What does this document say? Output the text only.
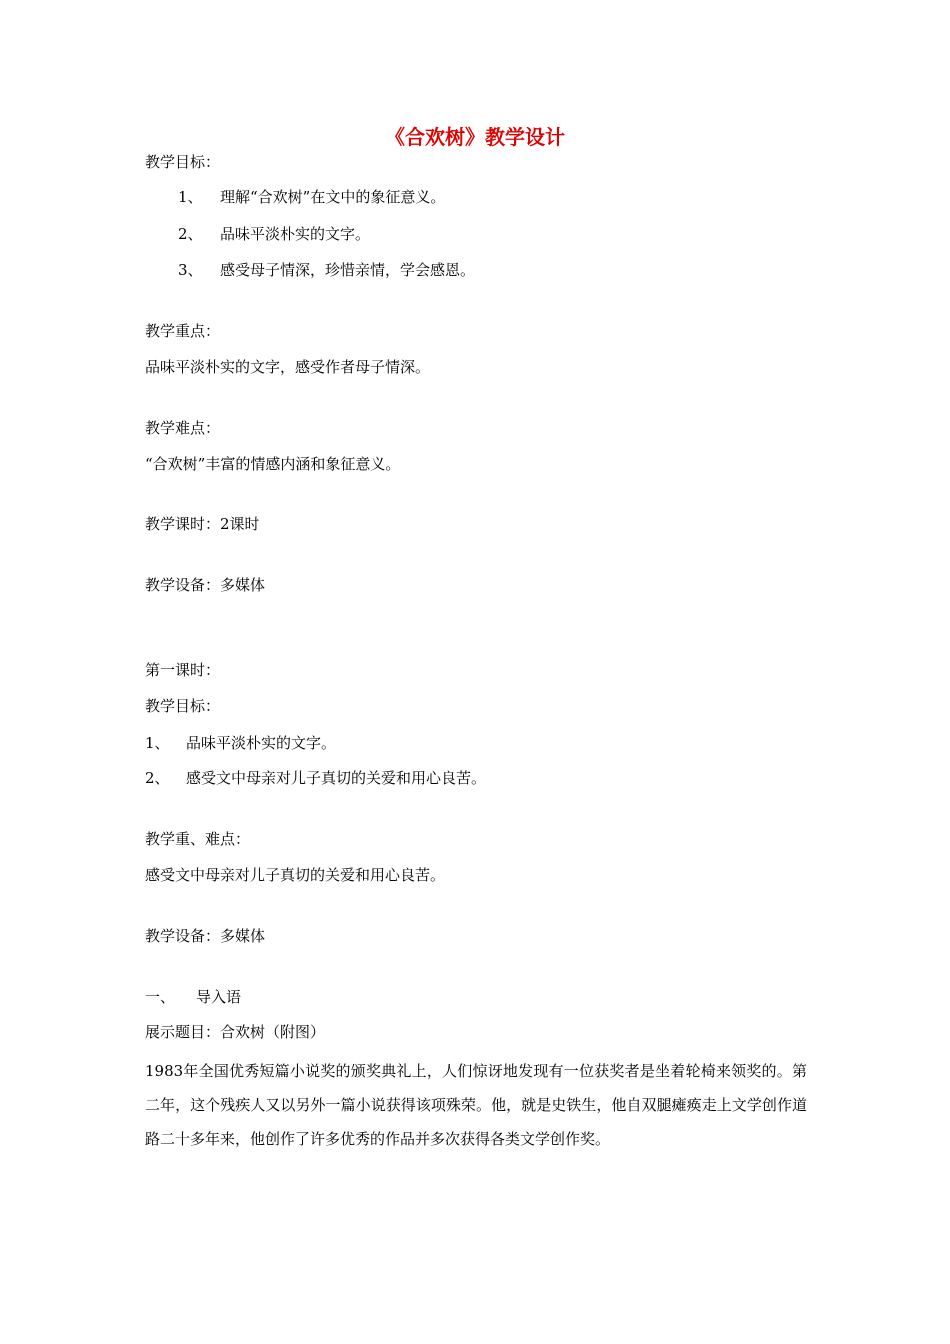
《合欢树》教学设计
教学目标：
1、 理解“合欢树”在文中的象征意义。
2、 品味平淡朴实的文字。
3、 感受母子情深，珍惜亲情，学会感恩。
教学重点：
品味平淡朴实的文字，感受作者母子情深。
教学难点：
“合欢树”丰富的情感内涵和象征意义。
教学课时：2课时
教学设备：多媒体
第一课时：
教学目标：
1、 品味平淡朴实的文字。
2、 感受文中母亲对儿子真切的关爱和用心良苦。
教学重、难点：
感受文中母亲对儿子真切的关爱和用心良苦。
教学设备：多媒体
一、 导入语
展示题目：合欢树（附图）
1983年全国优秀短篇小说奖的颁奖典礼上，人们惊讶地发现有一位获奖者是坐着轮椅来领奖的。第二年，这个残疾人又以另外一篇小说获得该项殊荣。他，就是史铁生，他自双腿瘫痪走上文学创作道路二十多年来，他创作了许多优秀的作品并多次获得各类文学创作奖。
